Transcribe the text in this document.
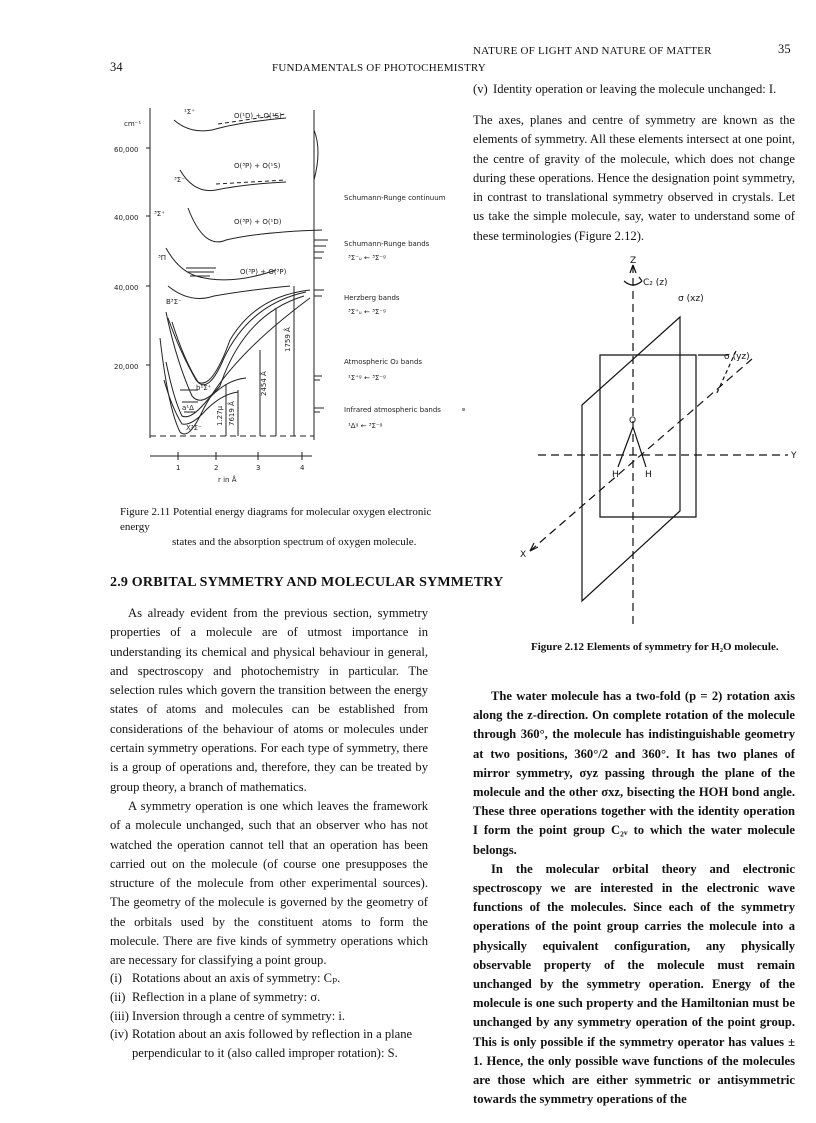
34	FUNDAMENTALS OF PHOTOCHEMISTRY
cm⁻¹
60,000
40,000
40,000
20,000
1	2	3	4
r in Å
O(¹D) + O(¹S)
O(³P) + O(¹S)
O(³P) + O(¹D)
O(³P) + O(³P)
¹Σ⁺
³Σ⁻
³Σ⁺
³Π
B³Σ⁻
b¹Σ⁺
a¹Δ
X³Σ⁻
2454 Å
1759 Å
7619 Å
1.27μ
Schumann-Runge continuum
Schumann-Runge bands
³Σ⁻ᵤ ← ³Σ⁻ᵍ
Herzberg bands
³Σ⁺ᵤ ← ³Σ⁻ᵍ
Atmospheric O₂ bands
¹Σ⁺ᵍ ← ³Σ⁻ᵍ
Infrared atmospheric bands
¹Δᵍ ← ³Σ⁻ᵍ
Figure 2.11 Potential energy diagrams for molecular oxygen electronic energy
states and the absorption spectrum of oxygen molecule.
2.9 ORBITAL SYMMETRY AND MOLECULAR SYMMETRY

As already evident from the previous section, symmetry properties of a molecule are of utmost importance in understanding its chemical and physical behaviour in general, and spectroscopy and photochemistry in particular. The selection rules which govern the transition between the energy states of atoms and molecules can be established from considerations of the behaviour of atoms or molecules under certain symmetry operations. For each type of symmetry, there is a group of operations and, therefore, they can be treated by group theory, a branch of mathematics.

A symmetry operation is one which leaves the framework of a molecule unchanged, such that an observer who has not watched the operation cannot tell that an operation has been carried out on the molecule (of course one presupposes the structure of the molecule from other experimental sources). The geometry of the molecule is governed by the geometry of the orbitals used by the constituent atoms to form the molecule. There are five kinds of symmetry operations which are necessary for classifying a point group.

(i) Rotations about an axis of symmetry: Cₚ.
(ii) Reflection in a plane of symmetry: σ.
(iii) Inversion through a centre of symmetry: i.
(iv) Rotation about an axis followed by reflection in a plane perpendicular to it (also called improper rotation): S.
NATURE OF LIGHT AND NATURE OF MATTER	35
(v) Identity operation or leaving the molecule unchanged: I.

The axes, planes and centre of symmetry are known as the elements of symmetry. All these elements intersect at one point, the centre of gravity of the molecule, which does not change during these operations. Hence the designation point symmetry, in contrast to translational symmetry observed in crystals. Let us take the simple molecule, say, water to understand some of these terminologies (Figure 2.12).

Z
C₂ (z)
σ (xz)
σ (yz)
O
H	H
Y
X
Figure 2.12 Elements of symmetry for H₂O molecule.

The water molecule has a two-fold (p = 2) rotation axis along the z-direction. On complete rotation of the molecule through 360°, the molecule has indistinguishable geometry at two positions, 360°/2 and 360°. It has two planes of mirror symmetry, σyz passing through the plane of the molecule and the other σxz, bisecting the HOH bond angle. These three operations together with the identity operation I form the point group C₂ᵥ to which the water molecule belongs.

In the molecular orbital theory and electronic spectroscopy we are interested in the electronic wave functions of the molecules. Since each of the symmetry operations of the point group carries the molecule into a physically equivalent configuration, any physically observable property of the molecule must remain unchanged by the symmetry operation. Energy of the molecule is one such property and the Hamiltonian must be unchanged by any symmetry operation of the point group. This is only possible if the symmetry operator has values ± 1. Hence, the only possible wave functions of the molecules are those which are either symmetric or antisymmetric towards the symmetry operations of the
